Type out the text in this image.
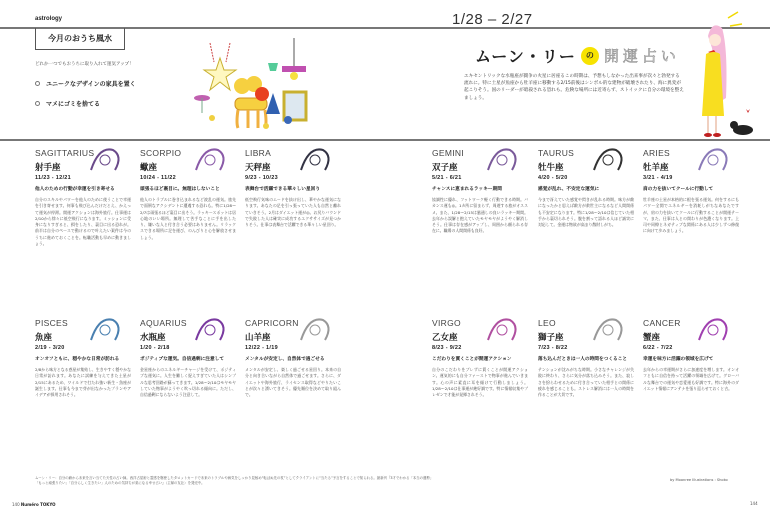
astrology	1/28 – 2/27
今月のおうち風水
どれか一つでもおうちに取り入れて運気アップ！
ユニークなデザインの家具を置く
マメにゴミを捨てる
ムーン・リー	の 開運占い
エキセントリックな水瓶座が闘争の火星に居座るこの時期は、予想もしなかった出来事が次々と勃発する流れに。特に土星が魚座から牡羊座に移動する2/15前後はシンボル的な建物が破壊されたり、海に異変が起こりそう。国のリーダーが暗殺される恐れも。危険な場所には近寄らず、ストイックに自分の環境を整えましょう。
SAGITTARIUS
射手座
11/23 - 12/21
他人のための行動が幸運を引き寄せる
自分のスキルやパワーを他人のために使うことで幸運を引き寄せます。何事も飛び込んだけだとえ、かえって運気が停滞。開運アクションは海外旅行。仕事運は2/10から徐々に低空飛行になります。ミッションに受身になりすぎると、損をしたり、裏目に出る恐れが。前半は自分のペースで動けるので叶えたい案件は今のうちに進めておくことを。転職活動も早めに動きましょう。
SCORPIO
蠍座
10/24 - 11/22
頑張るほど裏目に。無理はしないこと
他人のトラブルに巻き込まれるなど波乱の運気。旅先で面倒なアクシデントに遭遇する恐れも。特に1/28〜2/7は頑張るほど裏目に出そう。ラッキースポットは居心地のいい場所。無理して苦手なことに手を出したり、嫌いな人と付き合う必要はありません。リラックスできる場所に足を運び、のんびりと心を解放させましょう。
LIBRA
天秤座
9/23 - 10/23
表舞台で活躍できる華々しい星回り
低空飛行気味のムードを抜け出し、華やかな運気になります。あなたの足を引っ張っていた人も自然と離れていきそう。2月はダイエット運が◎。お尻りバウンドで失敗した人は確実に成功するエクササイズが見つかりそう。仕事は表舞台で活躍できる華々しい星回り。
GEMINI
双子座
5/21 - 6/21
チャンスに恵まれるラッキー期間
協調性に優れ、フットワーク軽く行動できる時期。バカンス運も◎。1カ所に留まらず、周遊する旅がオススメ。また、1/28〜2/15は風通しの良いラッキー期間。去年から誤解と抱えていたモヤモヤがようやく解消しそう。仕事は存在感がアップし、周囲から頼られる存在に。職場の人間関係も良好。
TAURUS
牡牛座
4/20 - 5/20
感覚が乱れ、不安定な運気に
今まで冴えていた感覚や閃きが乱れる時期。味方が敵になったかと思えば敵方が救世主になるなど人間関係も不安定になります。特に1/28〜2/10は信じていた相手から裏切られそう。腹を割って語れる人ほど誠実に対応して。金運は物欲が高まり散財しがち。
ARIES
牡羊座
3/21 - 4/19
肩の力を抜いてクールに行動して
牡羊座の土星が本格的に根を張る運気。何をするにもパワー全開でエネルギーを消耗しがちなあなたですが、肩の力を抜いてクールに行動することが開運テーマ。また、仕事は人との関わりが色濃くなります。上司や同僚とネガティブな関係にある人は少しずつ修復に向けて歩みましょう。
PISCES
魚座
2/19 - 3/20
オンオフともに、穏やかな日常が訪れる
2/8から味方となる惑星が集結し、生きやすく穏やかな日常が訪れます。あなたに試練を与えてきた土星が2/15にあるため、ワイルドで打たれ強い新生・魚座が誕生します。仕事も今まで芽が出なかったプランやアイデアが採用されそう。
AQUARIUS
水瓶座
1/20 - 2/18
ポジティブな運気。自信過剰に注意して
金星座からのエネルギーチャージを受けて、ポジティブな運気に。人生を難しく捉えすぎていた人はシンプルな思考回路が蘇ってきます。1/28〜2/10はモヤモヤしていた物事がようやく吹っ切れる傾向に。ただし、自信過剰にならないよう注意して。
CAPRICORN
山羊座
12/22 - 1/19
メンタルが安定し、自然体で過ごせる
メンタルが安定し、楽しく過ごせる星回り。本来の自分と向き合いながら自然体で過ごせます。さらに、ダイエットや海外旅行、ライセンス取得などやりたいことが次々と湧いてきそう。優先順位を決めて取り組んで。
VIRGO
乙女座
8/23 - 9/22
こだわりを貫くことが開運アクション
自分のこだわりをブレずに貫くことが開運アクション。運気的にも自分ファーストで物事が進んでいきます。心の声に素直に耳を傾けて行動しましょう。1/28〜2/10は仕事運が絶好調です。特に情報収集やプレゼンで才能が発揮されそう。
LEO
獅子座
7/23 - 8/22
落ち込んだときは一人の時間をつくること
テンションが沈みがちな時期。小さなチャレンジが失敗に終わり、さらに気分が落ち込みそう。また、寂しさを紛らわせるために付き合っていた相手との関係に疲れを感じることも。ストレス解消には一人の時間を作ることが大切です。
CANCER
蟹座
6/22 - 7/22
幸運を味方に活躍の領域を広げて
去年からの幸運期がさらに加速度を増します。オンオフともに自信を持って活躍の領域を広げて。グローバルな舞台での運気や恋愛運も好調です。特に海外のダイエット情報にアンテナを張り巡らせておくと吉。
ムーン・リー：自分の癖から未来を言い当てた天性の占い師。西洋占星術と霊感を駆使したタロットカードで未来のトラブルや病気をしっかり見極め“転ばぬ先の杖”としてクライアントに“当たる”予言をすることで知られる。最新刊『3才でわかる「本当の運勢」「もっと頑張りたい」「自分らしく生きたい」人のための気持ちが楽になる幸せ占い』（主婦の友社）を発売中。
by Moonree Illustrations : Shoko
140 Numéro TOKYO	144
